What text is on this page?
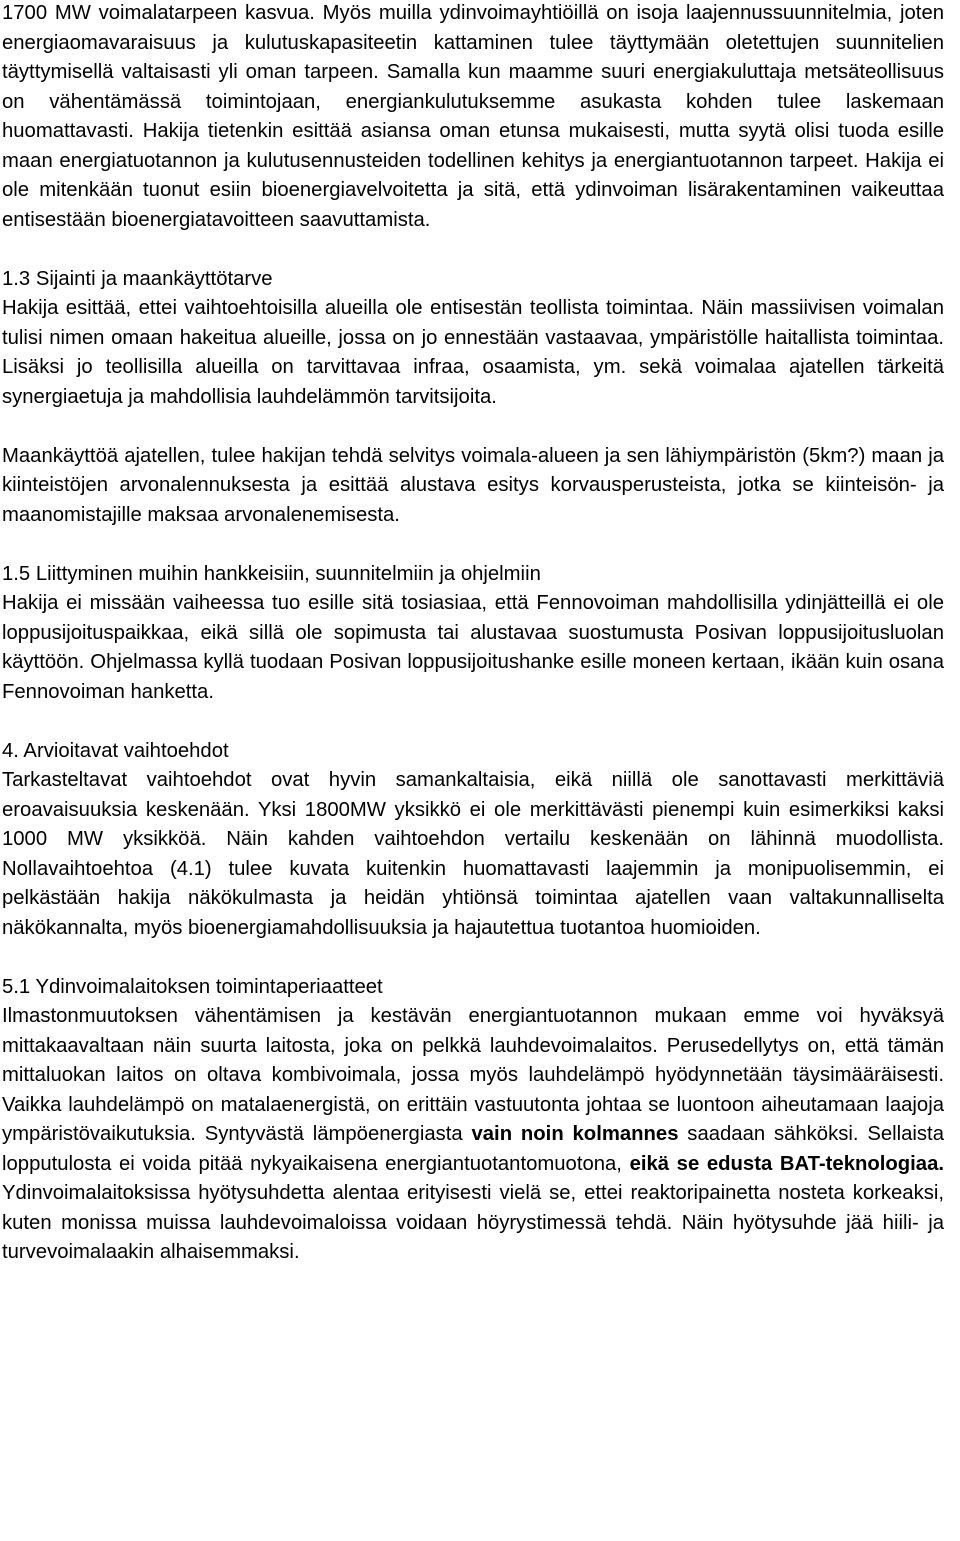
1700 MW voimalatarpeen kasvua. Myös muilla ydinvoimayhtiöillä on isoja laajennussuunnitelmia, joten energiaomavaraisuus ja kulutuskapasiteetin kattaminen tulee täyttymään oletettujen suunnitelien täyttymisellä valtaisasti yli oman tarpeen. Samalla kun maamme suuri energiakuluttaja metsäteollisuus on vähentämässä toimintojaan, energiankulutuksemme asukasta kohden tulee laskemaan huomattavasti. Hakija tietenkin esittää asiansa oman etunsa mukaisesti, mutta syytä olisi tuoda esille maan energiatuotannon ja kulutusennusteiden todellinen kehitys ja energiantuotannon tarpeet. Hakija ei ole mitenkään tuonut esiin bioenergiavelvoitetta ja sitä, että ydinvoiman lisärakentaminen vaikeuttaa entisestään bioenergiatavoitteen saavuttamista.

1.3 Sijainti ja maankäyttötarve
Hakija esittää, ettei vaihtoehtoisilla alueilla ole entisestän teollista toimintaa. Näin massiivisen voimalan tulisi nimen omaan hakeitua alueille, jossa on jo ennestään vastaavaa, ympäristölle haitallista toimintaa. Lisäksi jo teollisilla alueilla on tarvittavaa infraa, osaamista, ym. sekä voimalaa ajatellen tärkeitä synergiaetuja ja mahdollisia lauhdelämmön tarvitsijoita.

Maankäyttöä ajatellen, tulee hakijan tehdä selvitys voimala-alueen ja sen lähiympäristön (5km?) maan ja kiinteistöjen arvonalennuksesta ja esittää alustava esitys korvausperusteista, jotka se kiinteisön- ja maanomistajille maksaa arvonalenemisesta.

1.5 Liittyminen muihin hankkeisiin, suunnitelmiin ja ohjelmiin
Hakija ei missään vaiheessa tuo esille sitä tosiasiaa, että Fennovoiman mahdollisilla ydinjätteillä ei ole loppusijoituspaikkaa, eikä sillä ole sopimusta tai alustavaa suostumusta Posivan loppusijoitusluolan käyttöön. Ohjelmassa kyllä tuodaan Posivan loppusijoitushanke esille moneen kertaan, ikään kuin osana Fennovoiman hanketta.
4. Arvioitavat vaihtoehdot
Tarkasteltavat vaihtoehdot ovat hyvin samankaltaisia, eikä niillä ole sanottavasti merkittäviä eroavaisuuksia keskenään. Yksi 1800MW yksikkö ei ole merkittävästi pienempi kuin esimerkiksi kaksi 1000 MW yksikköä. Näin kahden vaihtoehdon vertailu keskenään on lähinnä muodollista. Nollavaihtoehtoa (4.1) tulee kuvata kuitenkin huomattavasti laajemmin ja monipuolisemmin, ei pelkästään hakija näkökulmasta ja heidän yhtiönsä toimintaa ajatellen vaan valtakunnalliselta näkökannalta, myös bioenergiamahdollisuuksia ja hajautettua tuotantoa huomioiden.
5.1 Ydinvoimalaitoksen toimintaperiaatteet
Ilmastonmuutoksen vähentämisen ja kestävän energiantuotannon mukaan emme voi hyväksyä mittakaavaltaan näin suurta laitosta, joka on pelkkä lauhdevoimalaitos. Perusedellytys on, että tämän mittaluokan laitos on oltava kombivoimala, jossa myös lauhdelämpö hyödynnetään täysimääräisesti. Vaikka lauhdelämpö on matalaenergistä, on erittäin vastuutonta johtaa se luontoon aiheutamaan laajoja ympäristövaikutuksia. Syntyvästä lämpöenergiasta vain noin kolmannes saadaan sähköksi. Sellaista lopputulosta ei voida pitää nykyaikaisena energiantuotantomuotona, eikä se edusta BAT-teknologiaa. Ydinvoimalaitoksissa hyötysuhdetta alentaa erityisesti vielä se, ettei reaktoripainetta nosteta korkeaksi, kuten monissa muissa lauhdevoimaloissa voidaan höyrystimessä tehdä. Näin hyötysuhde jää hiili- ja turvevoimalaakin alhaisemmaksi.
